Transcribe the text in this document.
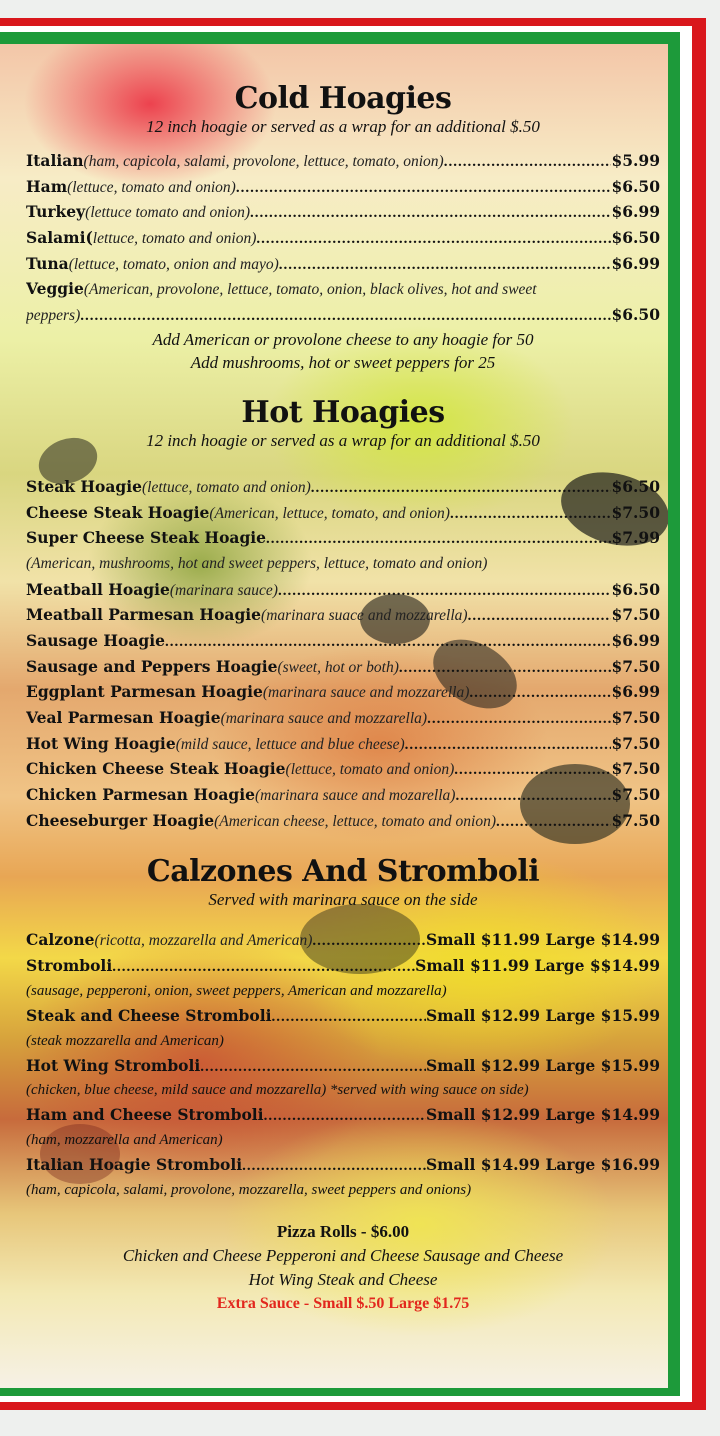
Cold Hoagies

12 inch hoagie or served as a wrap for an additional $.50

Italian (ham, capicola, salami, provolone, lettuce, tomato, onion) .....	$5.99
Ham (lettuce, tomato and onion) .....	$6.50
Turkey (lettuce tomato and onion) .....	$6.99
Salami( lettuce, tomato and onion) .....	$6.50
Tuna (lettuce, tomato, onion and mayo) .....	$6.99
Veggie (American, provolone, lettuce, tomato, onion, black olives, hot and sweet
peppers) .....	$6.50
Add American or provolone cheese to any hoagie for 50
Add mushrooms, hot or sweet peppers for 25
Hot Hoagies

12 inch hoagie or served as a wrap for an additional $.50

Steak Hoagie (lettuce, tomato and onion) .....	$6.50
Cheese Steak Hoagie (American, lettuce, tomato, and onion) .....	$7.50
Super Cheese Steak Hoagie .....	$7.99
(American, mushrooms, hot and sweet peppers, lettuce, tomato and onion)
Meatball Hoagie (marinara sauce) .....	$6.50
Meatball Parmesan Hoagie (marinara suace and mozzarella) .....	$7.50
Sausage Hoagie .....	$6.99
Sausage and Peppers Hoagie (sweet, hot or both) .....	$7.50
Eggplant Parmesan Hoagie (marinara sauce and mozzarella) .....	$6.99
Veal Parmesan Hoagie (marinara sauce and mozzarella) .....	$7.50
Hot Wing Hoagie (mild sauce, lettuce and blue cheese) .....	$7.50
Chicken Cheese Steak Hoagie (lettuce, tomato and onion) .....	$7.50
Chicken Parmesan Hoagie (marinara sauce and mozarella) .....	$7.50
Cheeseburger Hoagie (American cheese, lettuce, tomato and onion) .....	$7.50
Calzones And Stromboli

Served with marinara sauce on the side

Calzone (ricotta, mozzarella and American) .....	Small $11.99 Large $14.99
Stromboli .....	Small $11.99 Large $$14.99
(sausage, pepperoni, onion, sweet peppers, American and mozzarella)
Steak and Cheese Stromboli .....	Small $12.99 Large $15.99
(steak mozzarella and American)
Hot Wing Stromboli .....	Small $12.99 Large $15.99
(chicken, blue cheese, mild sauce and mozzarella) *served with wing sauce on side)
Ham and Cheese Stromboli .....	Small $12.99 Large $14.99
(ham, mozzarella and American)
Italian Hoagie Stromboli .....	Small $14.99 Large $16.99
(ham, capicola, salami, provolone, mozzarella, sweet peppers and onions)
Pizza Rolls - $6.00
Chicken and Cheese Pepperoni and Cheese Sausage and Cheese
Hot Wing Steak and Cheese
Extra Sauce - Small $.50 Large $1.75
